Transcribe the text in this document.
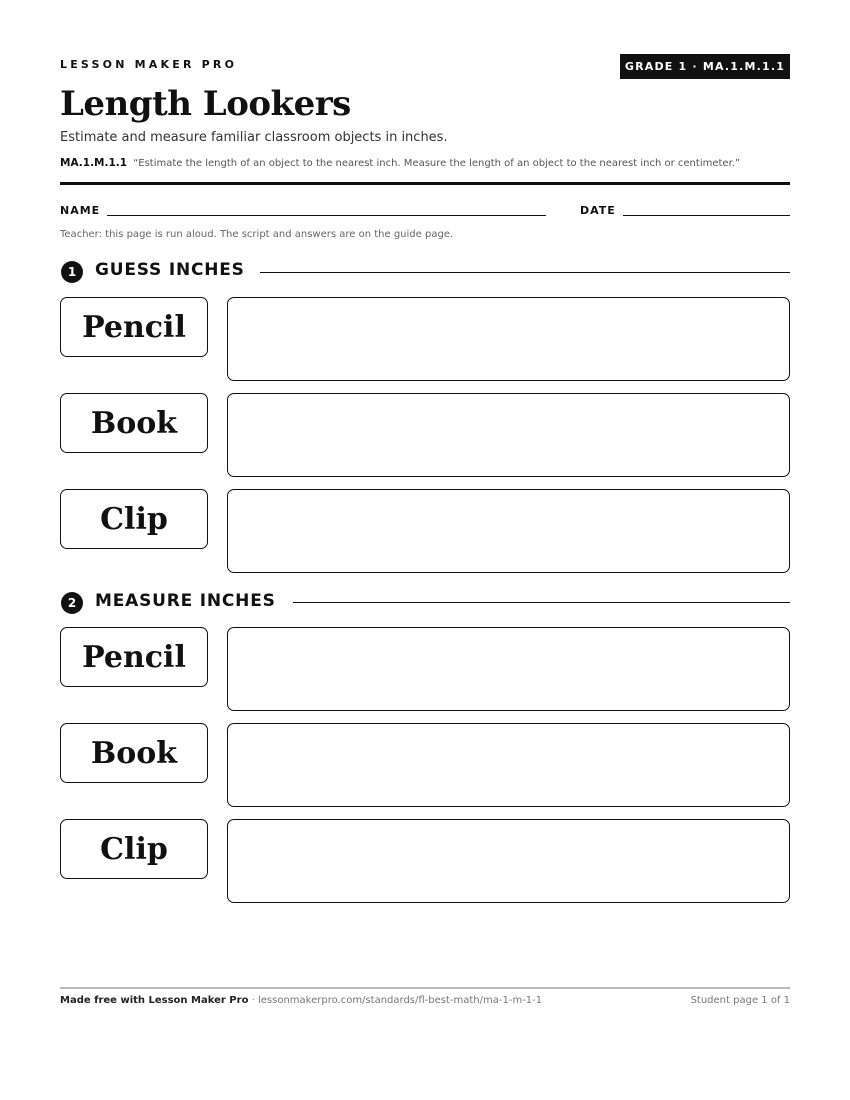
LESSON MAKER PRO	GRADE 1 · MA.1.M.1.1
Length Lookers
Estimate and measure familiar classroom objects in inches.
MA.1.M.1.1 “Estimate the length of an object to the nearest inch. Measure the length of an object to the nearest inch or centimeter.”
NAME	DATE
Teacher: this page is run aloud. The script and answers are on the guide page.
1	GUESS INCHES
Pencil
Book
Clip
2	MEASURE INCHES
Pencil
Book
Clip
Made free with Lesson Maker Pro · lessonmakerpro.com/standards/fl-best-math/ma-1-m-1-1	Student page 1 of 1
